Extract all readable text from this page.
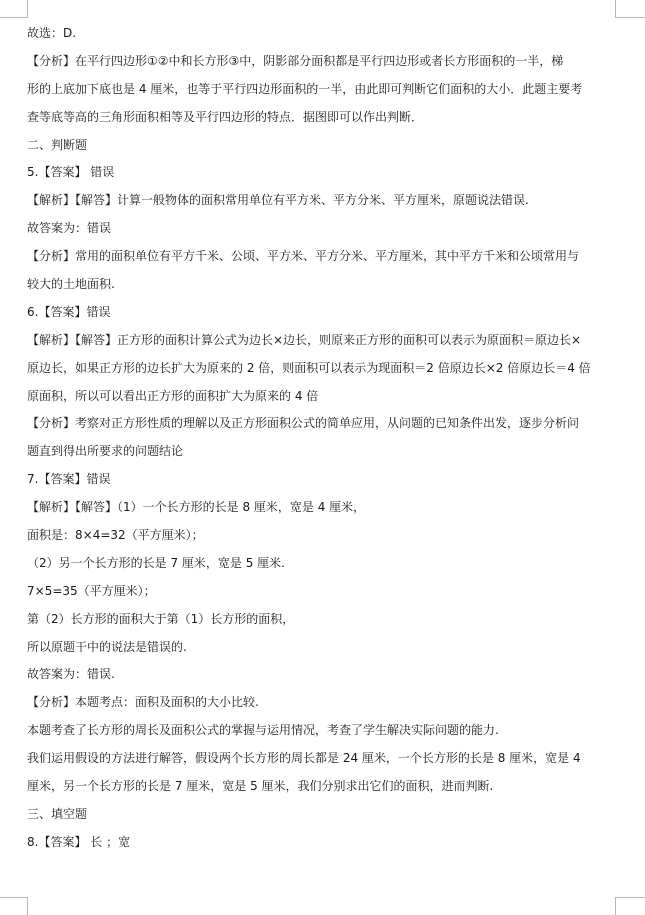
故选：D.
【分析】在平行四边形①②中和长方形③中，阴影部分面积都是平行四边形或者长方形面积的一半，梯
形的上底加下底也是 4 厘米，也等于平行四边形面积的一半，由此即可判断它们面积的大小．此题主要考
查等底等高的三角形面积相等及平行四边形的特点．据图即可以作出判断．
二、判断题
5.【答案】 错误
【解析】【解答】计算一般物体的面积常用单位有平方米、平方分米、平方厘米，原题说法错误.
故答案为：错误
【分析】常用的面积单位有平方千米、公顷、平方米、平方分米、平方厘米，其中平方千米和公顷常用与
较大的土地面积.
6.【答案】错误
【解析】【解答】正方形的面积计算公式为边长×边长，则原来正方形的面积可以表示为原面积＝原边长×
原边长，如果正方形的边长扩大为原来的 2 倍，则面积可以表示为现面积＝2 倍原边长×2 倍原边长＝4 倍
原面积，所以可以看出正方形的面积扩大为原来的 4 倍
【分析】考察对正方形性质的理解以及正方形面积公式的简单应用，从问题的已知条件出发，逐步分析问
题直到得出所要求的问题结论
7.【答案】错误
【解析】【解答】（1）一个长方形的长是 8 厘米，宽是 4 厘米，
面积是：8×4=32（平方厘米）；
（2）另一个长方形的长是 7 厘米，宽是 5 厘米.
7×5=35（平方厘米）；
第（2）长方形的面积大于第（1）长方形的面积，
所以原题干中的说法是错误的.
故答案为：错误.
【分析】本题考点：面积及面积的大小比较.
本题考查了长方形的周长及面积公式的掌握与运用情况，考查了学生解决实际问题的能力.
我们运用假设的方法进行解答，假设两个长方形的周长都是 24 厘米，一个长方形的长是 8 厘米，宽是 4
厘米，另一个长方形的长是 7 厘米，宽是 5 厘米，我们分别求出它们的面积，进而判断.
三、填空题
8.【答案】 长 ；宽
